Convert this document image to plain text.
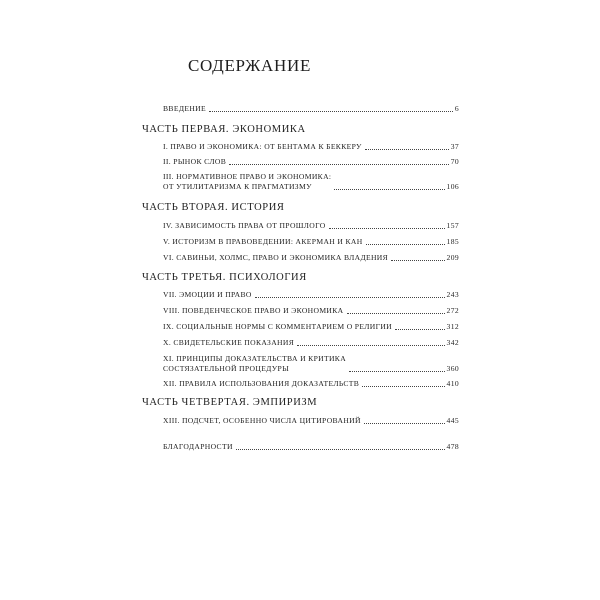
СОДЕРЖАНИЕ
ВВЕДЕНИЕ	6
ЧАСТЬ ПЕРВАЯ. ЭКОНОМИКА
I. ПРАВО И ЭКОНОМИКА: ОТ БЕНТАМА К БЕККЕРУ	37
II. РЫНОК СЛОВ	70
III. НОРМАТИВНОЕ ПРАВО И ЭКОНОМИКА:
ОТ УТИЛИТАРИЗМА К ПРАГМАТИЗМУ	106
ЧАСТЬ ВТОРАЯ. ИСТОРИЯ
IV. ЗАВИСИМОСТЬ ПРАВА ОТ ПРОШЛОГО	157
V. ИСТОРИЗМ В ПРАВОВЕДЕНИИ: АКЕРМАН И КАН	185
VI. САВИНЬИ, ХОЛМС, ПРАВО И ЭКОНОМИКА ВЛАДЕНИЯ	209
ЧАСТЬ ТРЕТЬЯ. ПСИХОЛОГИЯ
VII. ЭМОЦИИ И ПРАВО	243
VIII. ПОВЕДЕНЧЕСКОЕ ПРАВО И ЭКОНОМИКА	272
IX. СОЦИАЛЬНЫЕ НОРМЫ С КОММЕНТАРИЕМ О РЕЛИГИИ	312
X. СВИДЕТЕЛЬСКИЕ ПОКАЗАНИЯ	342
XI. ПРИНЦИПЫ ДОКАЗАТЕЛЬСТВА И КРИТИКА
СОСТЯЗАТЕЛЬНОЙ ПРОЦЕДУРЫ	360
XII. ПРАВИЛА ИСПОЛЬЗОВАНИЯ ДОКАЗАТЕЛЬСТВ	410
ЧАСТЬ ЧЕТВЕРТАЯ. ЭМПИРИЗМ
XIII. ПОДСЧЕТ, ОСОБЕННО ЧИСЛА ЦИТИРОВАНИЙ	445
БЛАГОДАРНОСТИ	478
